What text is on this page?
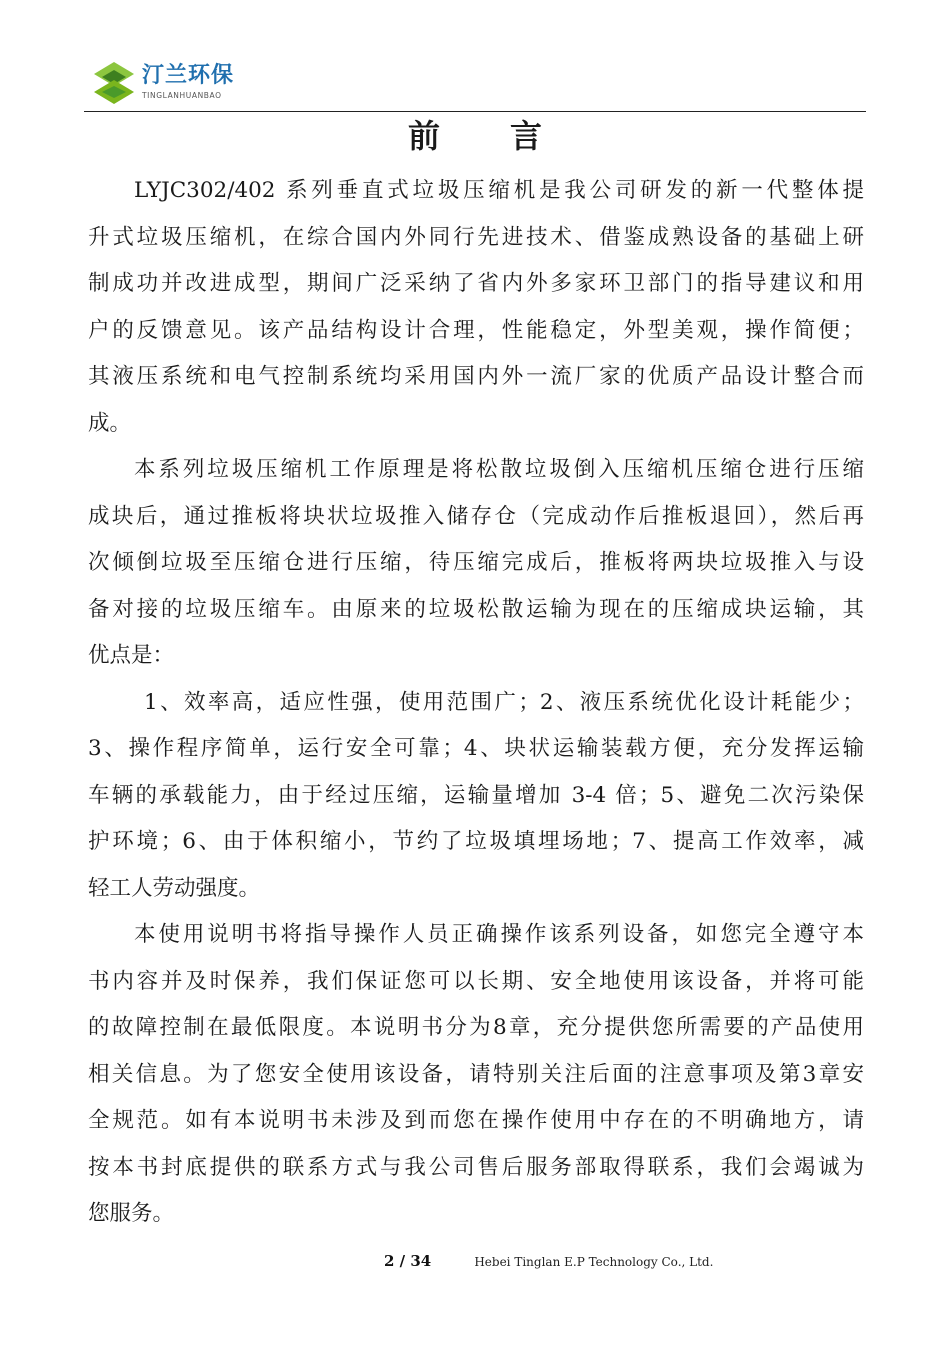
汀兰环保
TINGLANHUANBAO
前言
LYJC302/402 系列垂直式垃圾压缩机是我公司研发的新一代整体提
升式垃圾压缩机，在综合国内外同行先进技术、借鉴成熟设备的基础上研
制成功并改进成型，期间广泛采纳了省内外多家环卫部门的指导建议和用
户的反馈意见。该产品结构设计合理，性能稳定，外型美观，操作简便；
其液压系统和电气控制系统均采用国内外一流厂家的优质产品设计整合而
成。
本系列垃圾压缩机工作原理是将松散垃圾倒入压缩机压缩仓进行压缩
成块后，通过推板将块状垃圾推入储存仓（完成动作后推板退回），然后再
次倾倒垃圾至压缩仓进行压缩，待压缩完成后，推板将两块垃圾推入与设
备对接的垃圾压缩车。由原来的垃圾松散运输为现在的压缩成块运输，其
优点是：
1、效率高，适应性强，使用范围广；2、液压系统优化设计耗能少；
3、操作程序简单，运行安全可靠；4、块状运输装载方便，充分发挥运输
车辆的承载能力，由于经过压缩，运输量增加 3-4 倍；5、避免二次污染保
护环境；6、由于体积缩小，节约了垃圾填埋场地；7、提高工作效率，减
轻工人劳动强度。
本使用说明书将指导操作人员正确操作该系列设备，如您完全遵守本
书内容并及时保养，我们保证您可以长期、安全地使用该设备，并将可能
的故障控制在最低限度。本说明书分为8章，充分提供您所需要的产品使用
相关信息。为了您安全使用该设备，请特别关注后面的注意事项及第3章安
全规范。如有本说明书未涉及到而您在操作使用中存在的不明确地方，请
按本书封底提供的联系方式与我公司售后服务部取得联系，我们会竭诚为
您服务。
2 / 34	Hebei Tinglan E.P Technology Co., Ltd.
